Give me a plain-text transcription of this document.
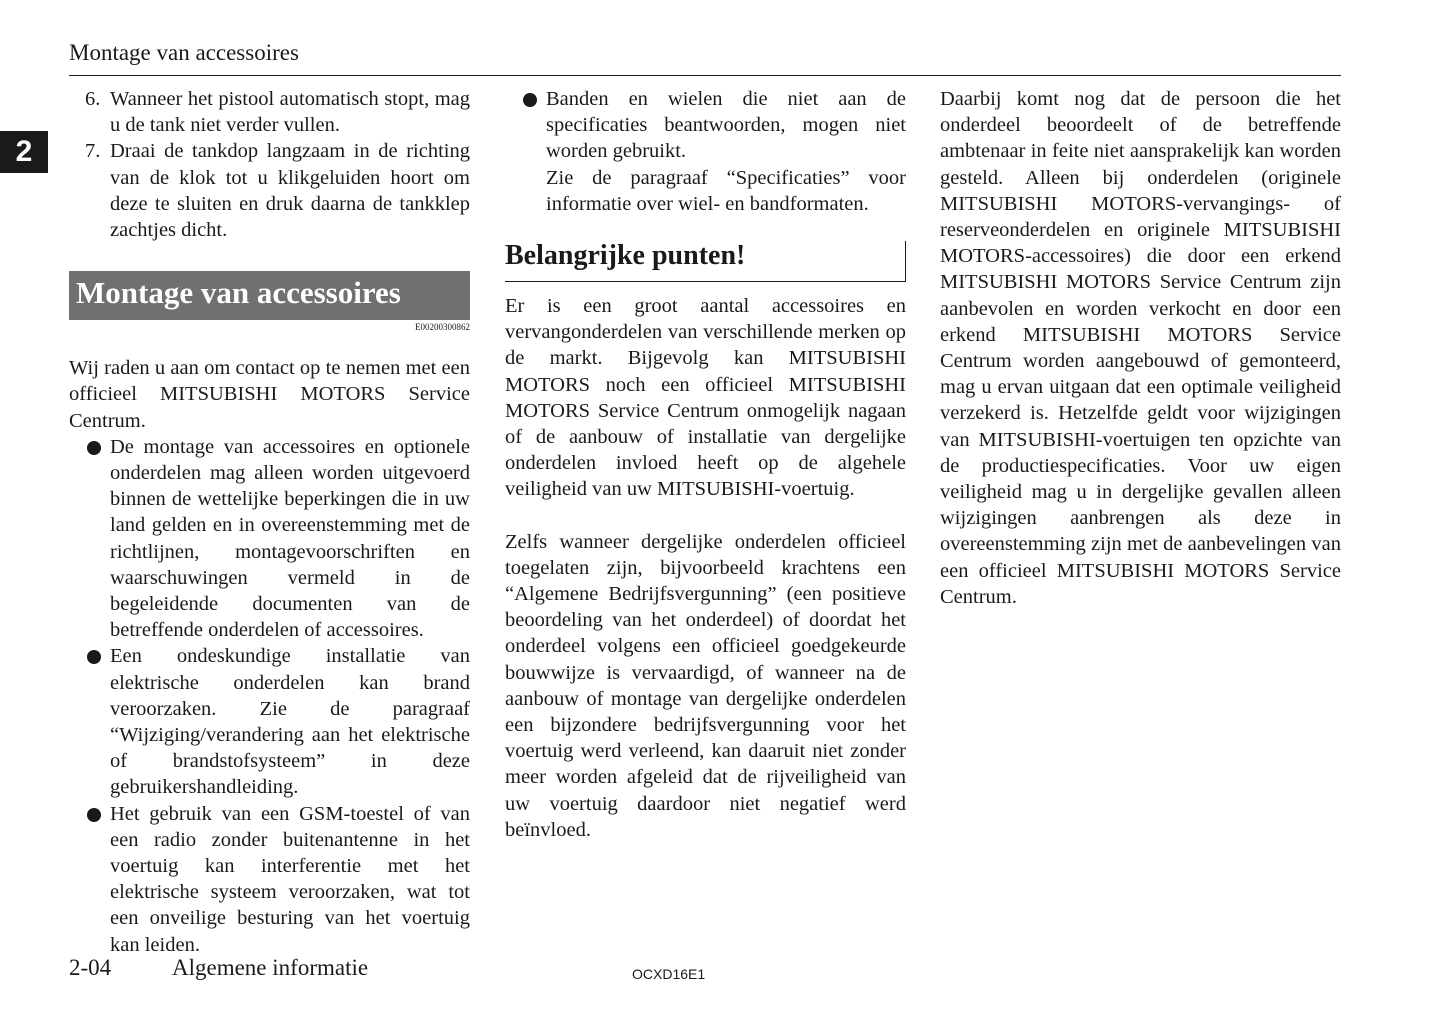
Montage van accessoires
2
6. Wanneer het pistool automatisch stopt, mag u de tank niet verder vullen.
7. Draai de tankdop langzaam in de richting van de klok tot u klikgeluiden hoort om deze te sluiten en druk daarna de tankklep zachtjes dicht.
Montage van accessoires
E00200300862

Wij raden u aan om contact op te nemen met een officieel MITSUBISHI MOTORS Service Centrum.

De montage van accessoires en optionele onderdelen mag alleen worden uitgevoerd binnen de wettelijke beperkingen die in uw land gelden en in overeenstemming met de richtlijnen, montagevoorschriften en waarschuwingen vermeld in de begeleidende documenten van de betreffende onderdelen of accessoires.
Een ondeskundige installatie van elektrische onderdelen kan brand veroorzaken. Zie de paragraaf “Wijziging/verandering aan het elektrische of brandstofsysteem” in deze gebruikershandleiding.
Het gebruik van een GSM-toestel of van een radio zonder buitenantenne in het voertuig kan interferentie met het elektrische systeem veroorzaken, wat tot een onveilige besturing van het voertuig kan leiden.
Banden en wielen die niet aan de specificaties beantwoorden, mogen niet worden gebruikt.

Zie de paragraaf “Specificaties” voor informatie over wiel- en bandformaten.

Belangrijke punten!

Er is een groot aantal accessoires en vervangonderdelen van verschillende merken op de markt. Bijgevolg kan MITSUBISHI MOTORS noch een officieel MITSUBISHI MOTORS Service Centrum onmogelijk nagaan of de aanbouw of installatie van dergelijke onderdelen invloed heeft op de algehele veiligheid van uw MITSUBISHI-voertuig.

Zelfs wanneer dergelijke onderdelen officieel toegelaten zijn, bijvoorbeeld krachtens een “Algemene Bedrijfsvergunning” (een positieve beoordeling van het onderdeel) of doordat het onderdeel volgens een officieel goedgekeurde bouwwijze is vervaardigd, of wanneer na de aanbouw of montage van dergelijke onderdelen een bijzondere bedrijfsvergunning voor het voertuig werd verleend, kan daaruit niet zonder meer worden afgeleid dat de rijveiligheid van uw voertuig daardoor niet negatief werd beïnvloed.

Daarbij komt nog dat de persoon die het onderdeel beoordeelt of de betreffende ambtenaar in feite niet aansprakelijk kan worden gesteld. Alleen bij onderdelen (originele MITSUBISHI MOTORS-vervangings- of reserveonderdelen en originele MITSUBISHI MOTORS-accessoires) die door een erkend MITSUBISHI MOTORS Service Centrum zijn aanbevolen en worden verkocht en door een erkend MITSUBISHI MOTORS Service Centrum worden aangebouwd of gemonteerd, mag u ervan uitgaan dat een optimale veiligheid verzekerd is. Hetzelfde geldt voor wijzigingen van MITSUBISHI-voertuigen ten opzichte van de productiespecificaties. Voor uw eigen veiligheid mag u in dergelijke gevallen alleen wijzigingen aanbrengen als deze in overeenstemming zijn met de aanbevelingen van een officieel MITSUBISHI MOTORS Service Centrum.

2-04	Algemene informatie	OCXD16E1
